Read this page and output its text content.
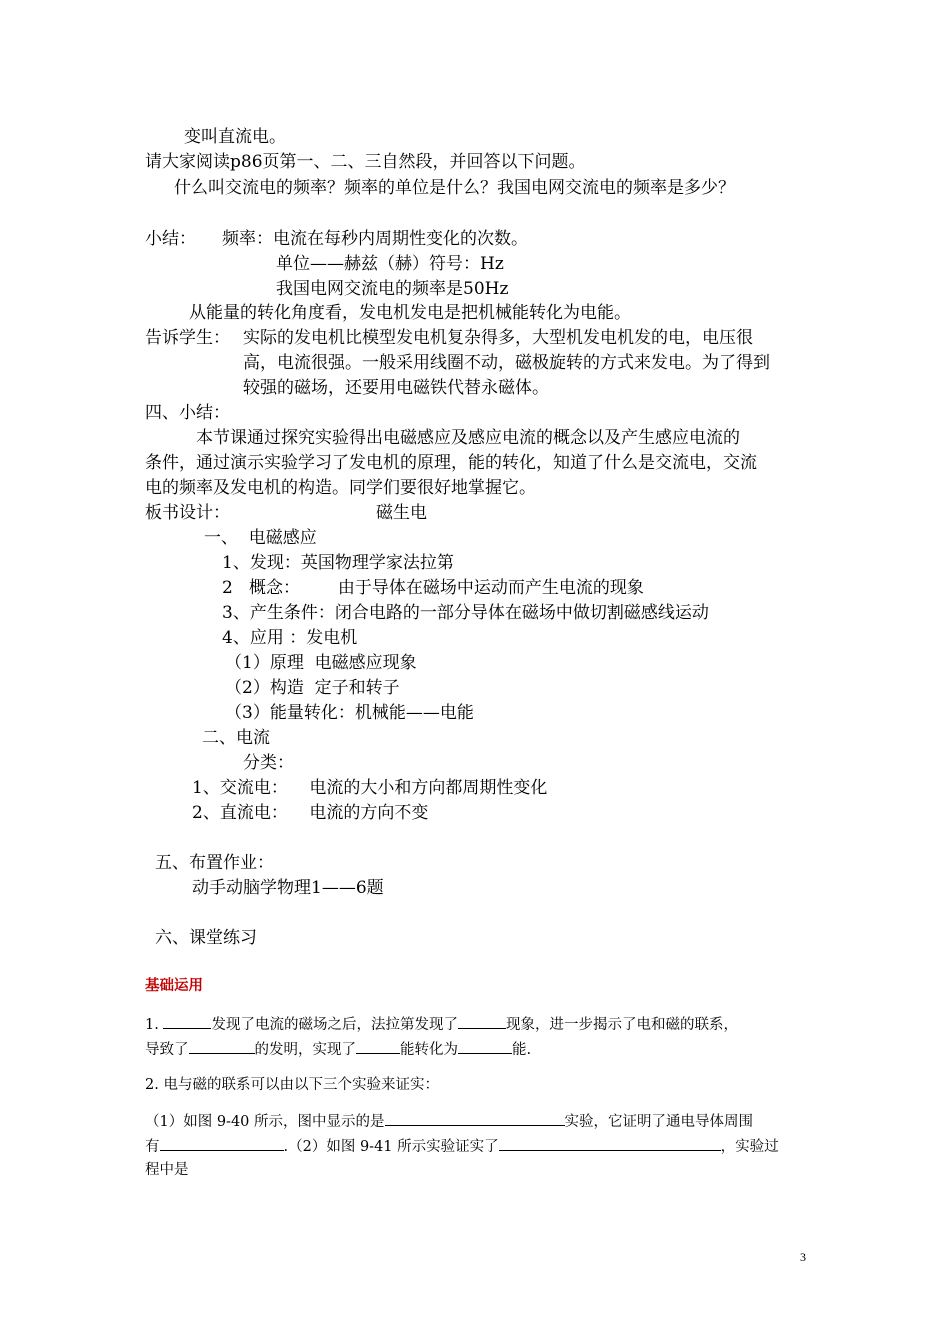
变叫直流电。
请大家阅读p86页第一、二、三自然段，并回答以下问题。
什么叫交流电的频率？频率的单位是什么？我国电网交流电的频率是多少？
小结： 频率：电流在每秒内周期性变化的次数。
单位——赫兹（赫）符号：Hz
我国电网交流电的频率是50Hz
从能量的转化角度看，发电机发电是把机械能转化为电能。
告诉学生： 实际的发电机比模型发电机复杂得多，大型机发电机发的电，电压很
高，电流很强。一般采用线圈不动，磁极旋转的方式来发电。为了得到
较强的磁场，还要用电磁铁代替永磁体。
四、小结：
本节课通过探究实验得出电磁感应及感应电流的概念以及产生感应电流的
条件，通过演示实验学习了发电机的原理，能的转化，知道了什么是交流电，交流
电的频率及发电机的构造。同学们要很好地掌握它。
板书设计：	磁生电
一、  电磁感应
1、发现：英国物理学家法拉第
2   概念：       由于导体在磁场中运动而产生电流的现象
3、产生条件：闭合电路的一部分导体在磁场中做切割磁感线运动
4、应用 ：发电机
（1）原理  电磁感应现象
（2）构造  定子和转子
（3）能量转化：机械能——电能
二、电流
分类：
1、交流电：    电流的大小和方向都周期性变化
2、直流电：    电流的方向不变
五、布置作业：
动手动脑学物理1——6题
六、课堂练习
基础运用
1.	发现了电流的磁场之后，法拉第发现了	现象，进一步揭示了电和磁的联系，
导致了	的发明，实现了	能转化为	能.
2. 电与磁的联系可以由以下三个实验来证实：
（1）如图 9-40 所示，图中显示的是	实验，它证明了通电导体周围
有	.（2）如图 9-41 所示实验证实了	，实验过
程中是
3
